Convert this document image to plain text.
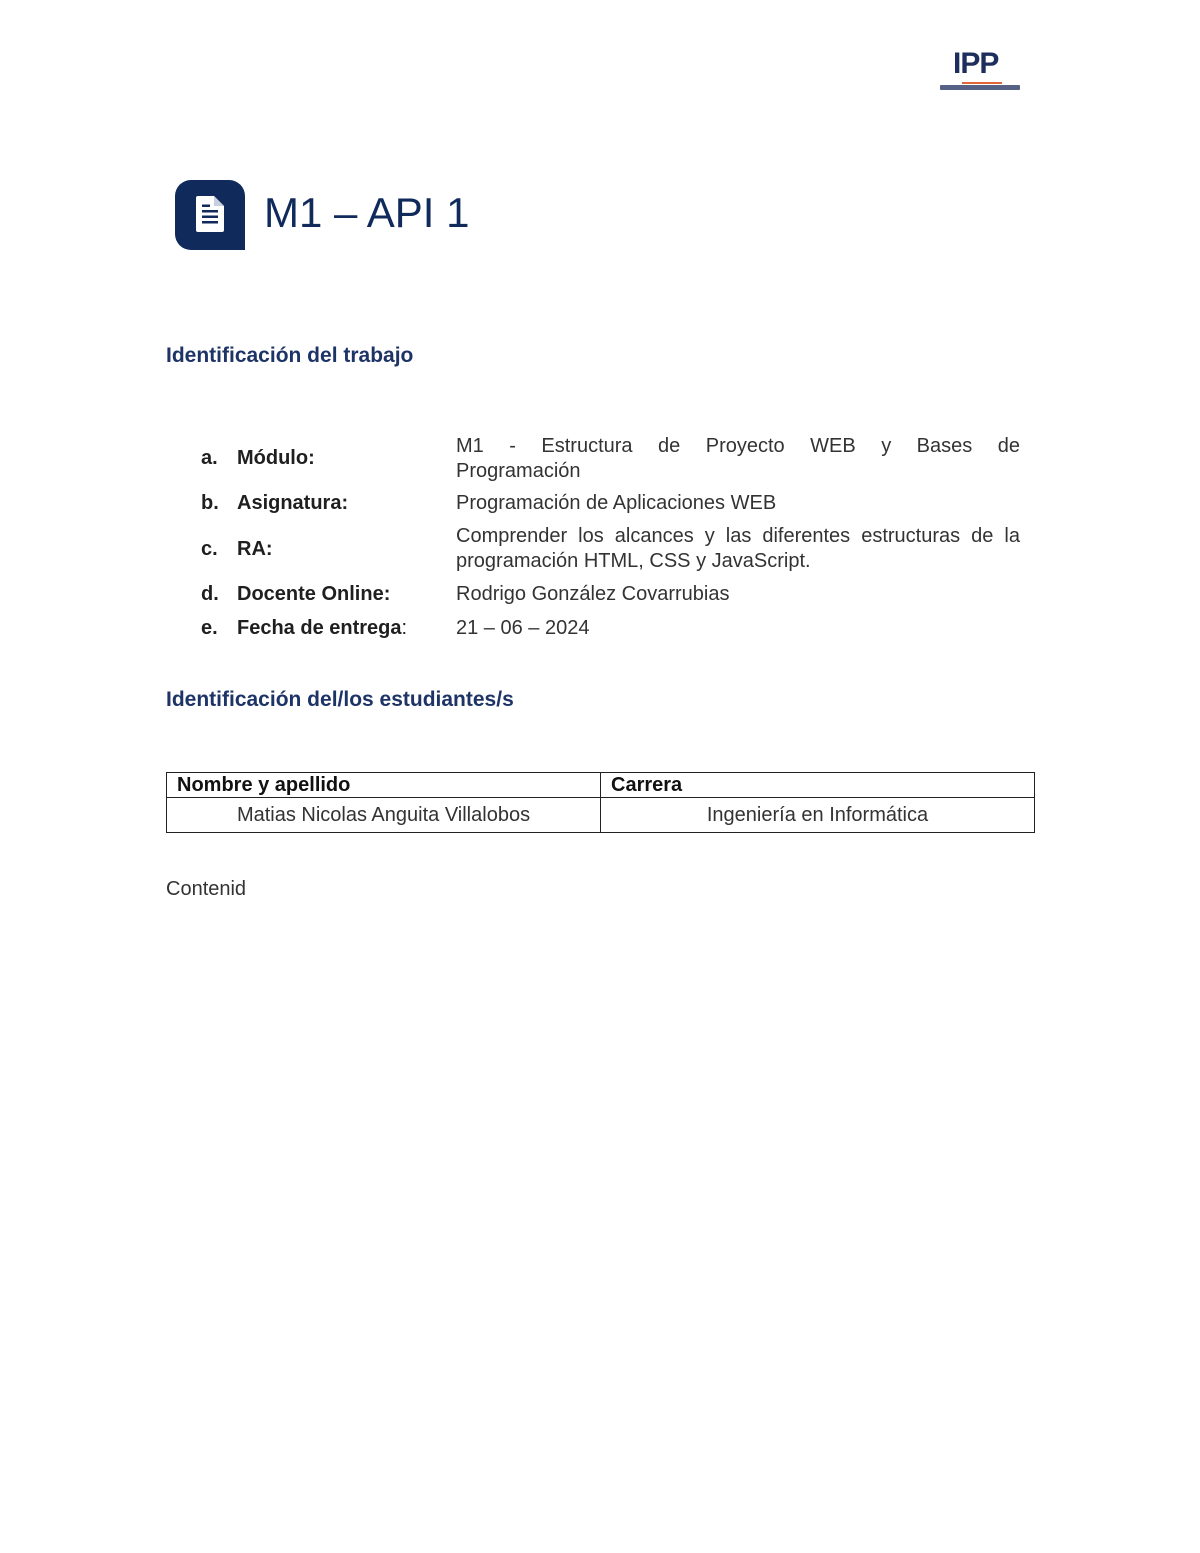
IPP
M1 – API 1
Identificación del trabajo
a. Módulo:
M1 - Estructura de Proyecto WEB y Bases de
Programación
b. Asignatura:	Programación de Aplicaciones WEB
c. RA:
Comprender los alcances y las diferentes estructuras de la
programación HTML, CSS y JavaScript.
d. Docente Online:	Rodrigo González Covarrubias
e. Fecha de entrega: 21 – 06 – 2024
Identificación del/los estudiantes/s
Nombre y apellido	Carrera
Matias Nicolas Anguita Villalobos	Ingeniería en Informática
Contenid
